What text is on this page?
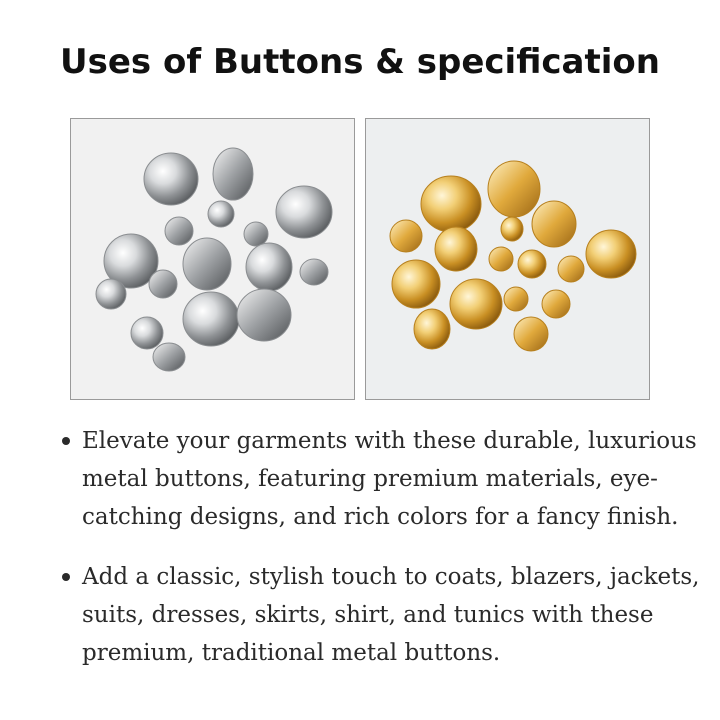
Uses of Buttons & specification
Elevate your garments with these durable, luxurious metal buttons, featuring premium materials, eye-catching designs, and rich colors for a fancy finish.
Add a classic, stylish touch to coats, blazers, jackets, suits, dresses, skirts, shirt, and tunics with these premium, traditional metal buttons.
